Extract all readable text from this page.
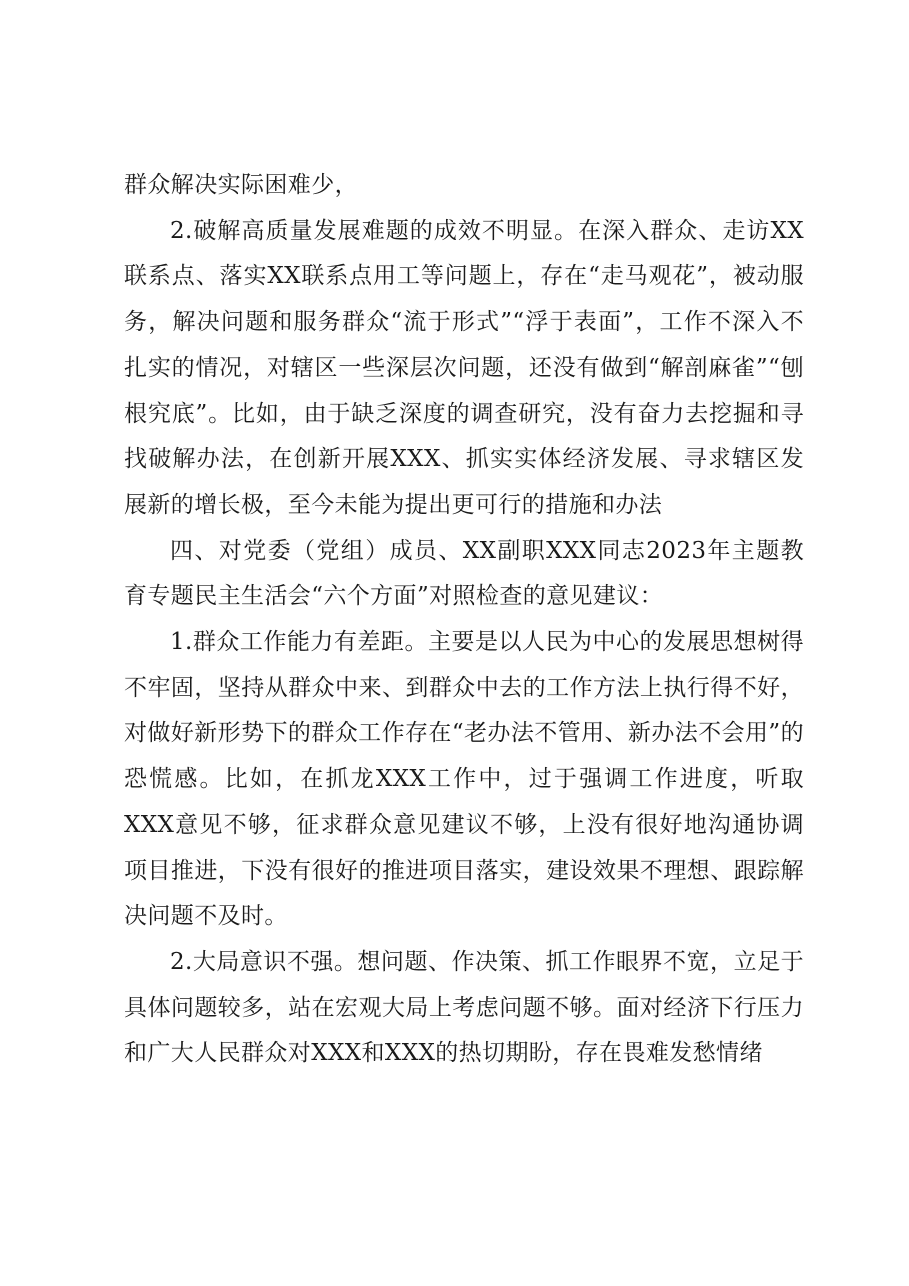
群众解决实际困难少，

2.破解高质量发展难题的成效不明显。在深入群众、走访XX联系点、落实XX联系点用工等问题上，存在“走马观花”，被动服务，解决问题和服务群众“流于形式”“浮于表面”，工作不深入不扎实的情况，对辖区一些深层次问题，还没有做到“解剖麻雀”“刨根究底”。比如，由于缺乏深度的调查研究，没有奋力去挖掘和寻找破解办法，在创新开展XXX、抓实实体经济发展、寻求辖区发展新的增长极，至今未能为提出更可行的措施和办法

四、对党委（党组）成员、XX副职XXX同志2023年主题教育专题民主生活会“六个方面”对照检查的意见建议：

1.群众工作能力有差距。主要是以人民为中心的发展思想树得不牢固，坚持从群众中来、到群众中去的工作方法上执行得不好，对做好新形势下的群众工作存在“老办法不管用、新办法不会用”的恐慌感。比如，在抓龙XXX工作中，过于强调工作进度，听取XXX意见不够，征求群众意见建议不够，上没有很好地沟通协调项目推进，下没有很好的推进项目落实，建设效果不理想、跟踪解决问题不及时。

2.大局意识不强。想问题、作决策、抓工作眼界不宽，立足于具体问题较多，站在宏观大局上考虑问题不够。面对经济下行压力和广大人民群众对XXX和XXX的热切期盼，存在畏难发愁情绪
